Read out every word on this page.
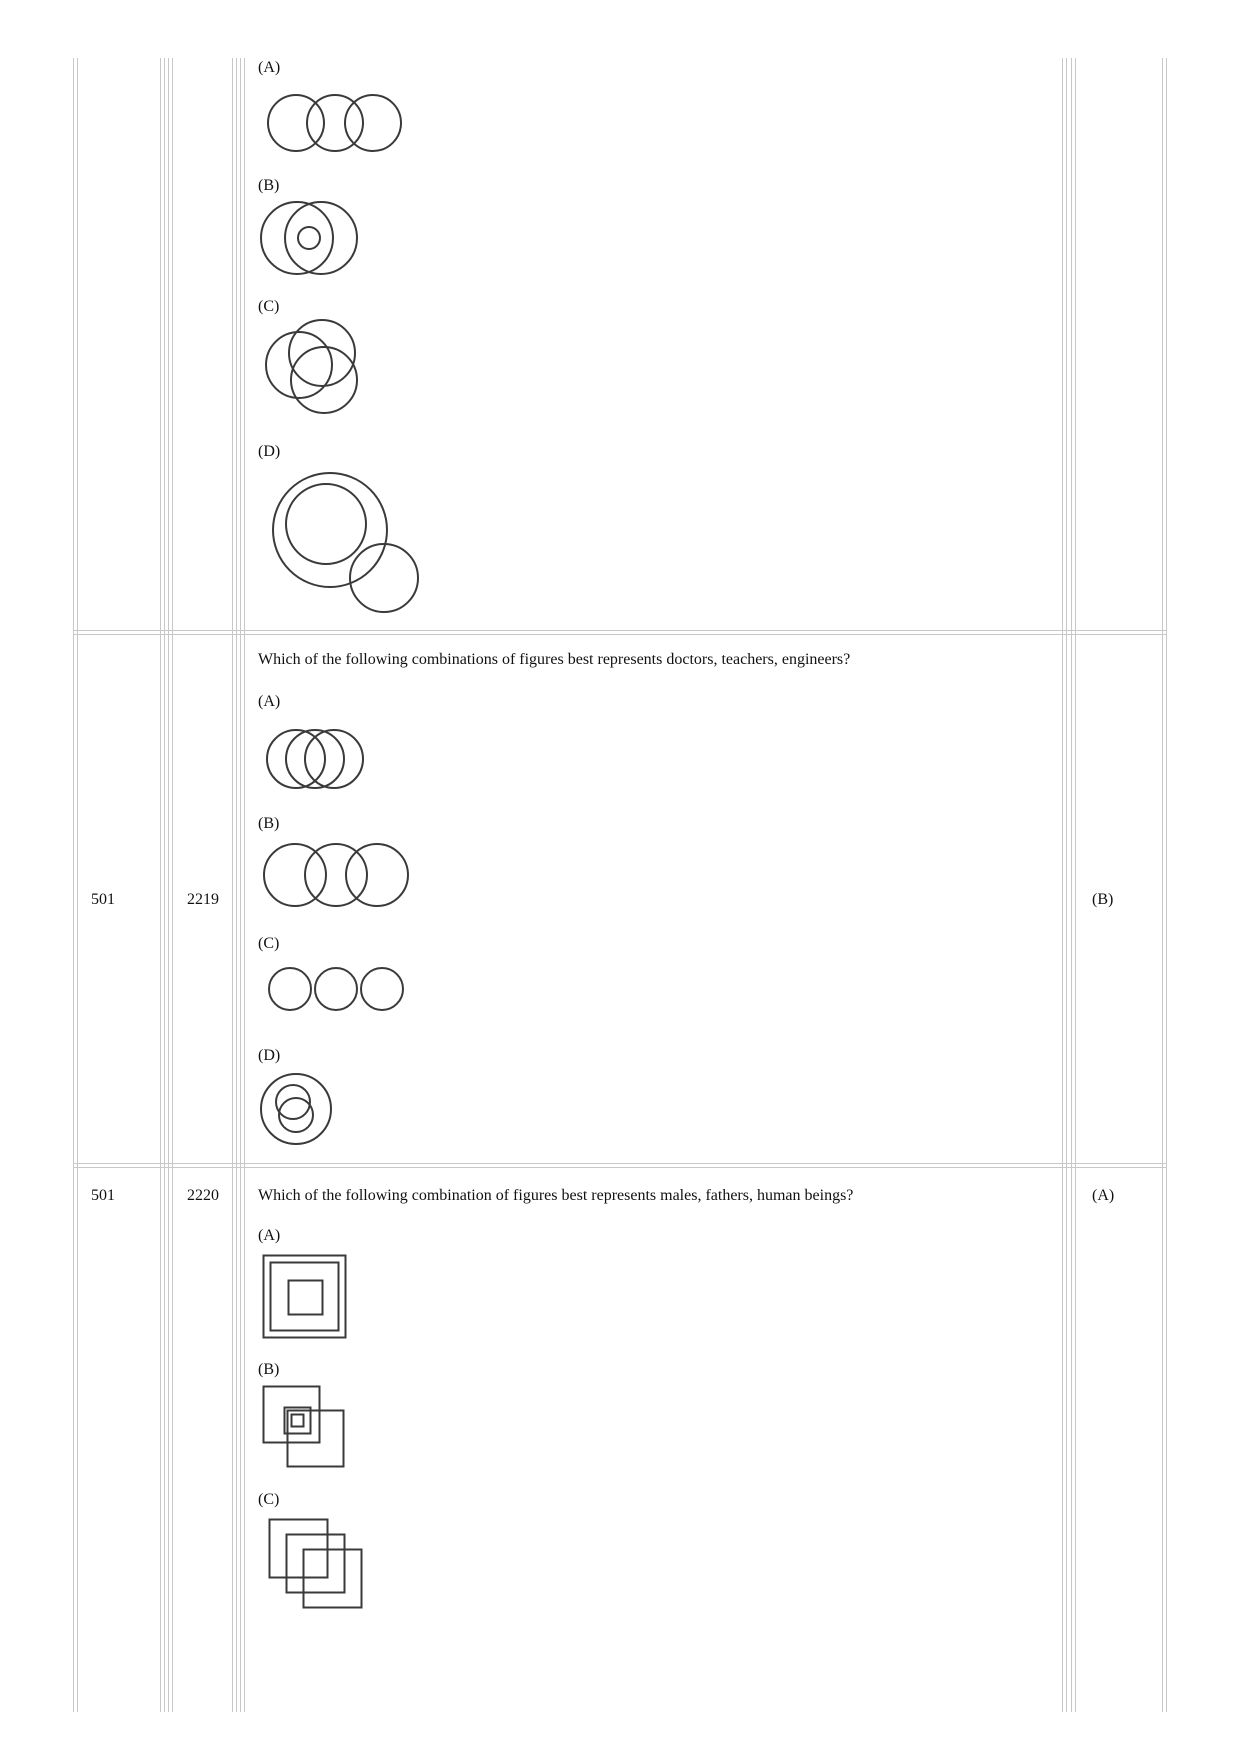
(A)
(B)
(C)
(D)
501	2219
Which of the following combinations of figures best represents doctors, teachers, engineers?
(A)
(B)
(C)
(D)
(B)
501	2220 Which of the following combination of figures best represents males, fathers, human beings?
(A)
(B)
(C)
(A)
